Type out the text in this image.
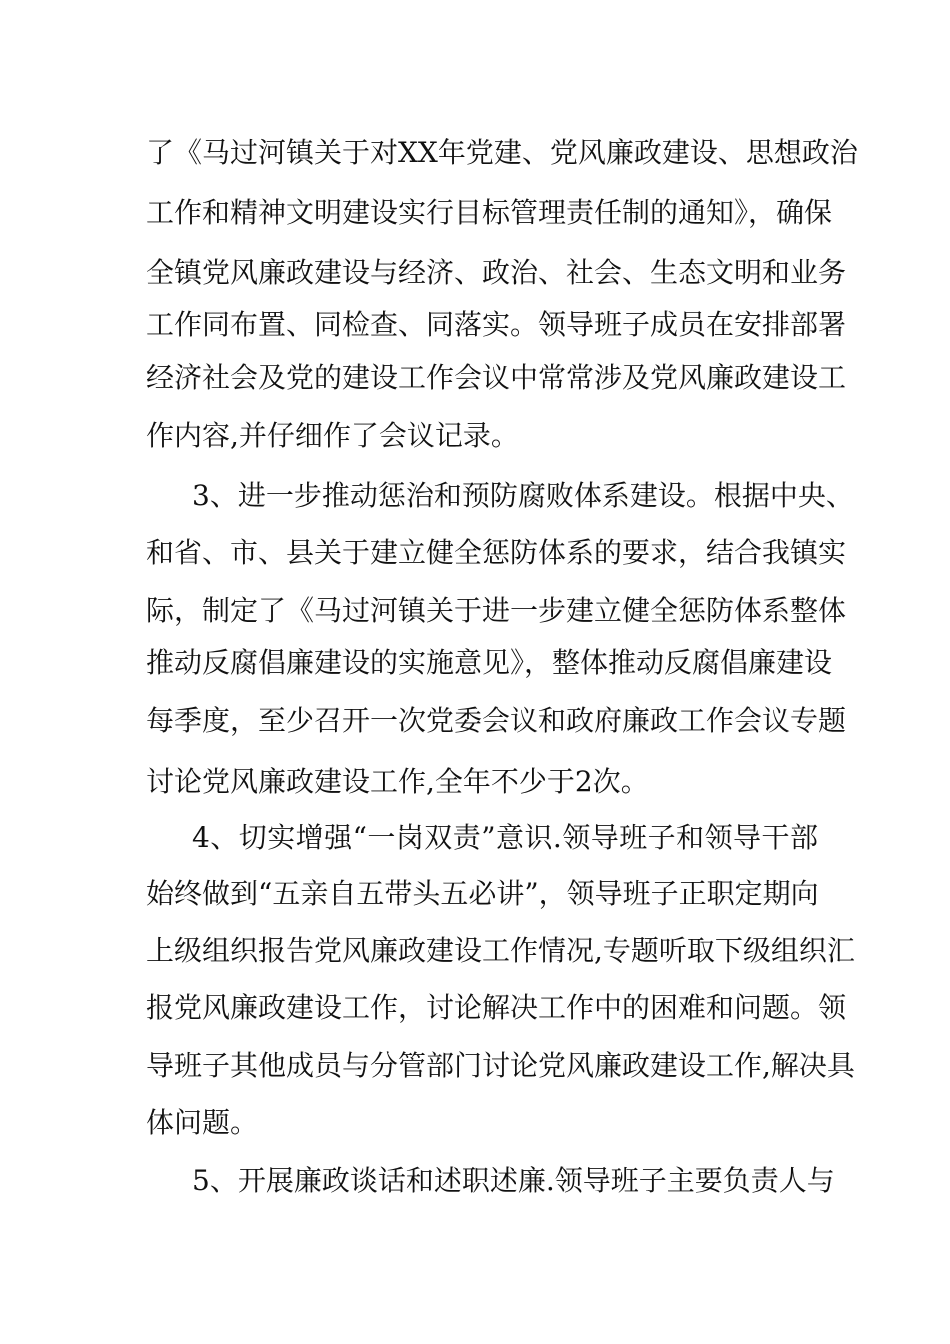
了《马过河镇关于对XX年党建、党风廉政建设、思想政治
工作和精神文明建设实行目标管理责任制的通知》，确保
全镇党风廉政建设与经济、政治、社会、生态文明和业务
工作同布置、同检查、同落实。领导班子成员在安排部署
经济社会及党的建设工作会议中常常涉及党风廉政建设工
作内容,并仔细作了会议记录。
3、进一步推动惩治和预防腐败体系建设。根据中央、
和省、市、县关于建立健全惩防体系的要求，结合我镇实
际，制定了《马过河镇关于进一步建立健全惩防体系整体
推动反腐倡廉建设的实施意见》，整体推动反腐倡廉建设
每季度，至少召开一次党委会议和政府廉政工作会议专题
讨论党风廉政建设工作,全年不少于2次。
4、切实增强“一岗双责”意识.领导班子和领导干部
始终做到“五亲自五带头五必讲”，领导班子正职定期向
上级组织报告党风廉政建设工作情况,专题听取下级组织汇
报党风廉政建设工作，讨论解决工作中的困难和问题。领
导班子其他成员与分管部门讨论党风廉政建设工作,解决具
体问题。
5、开展廉政谈话和述职述廉.领导班子主要负责人与
